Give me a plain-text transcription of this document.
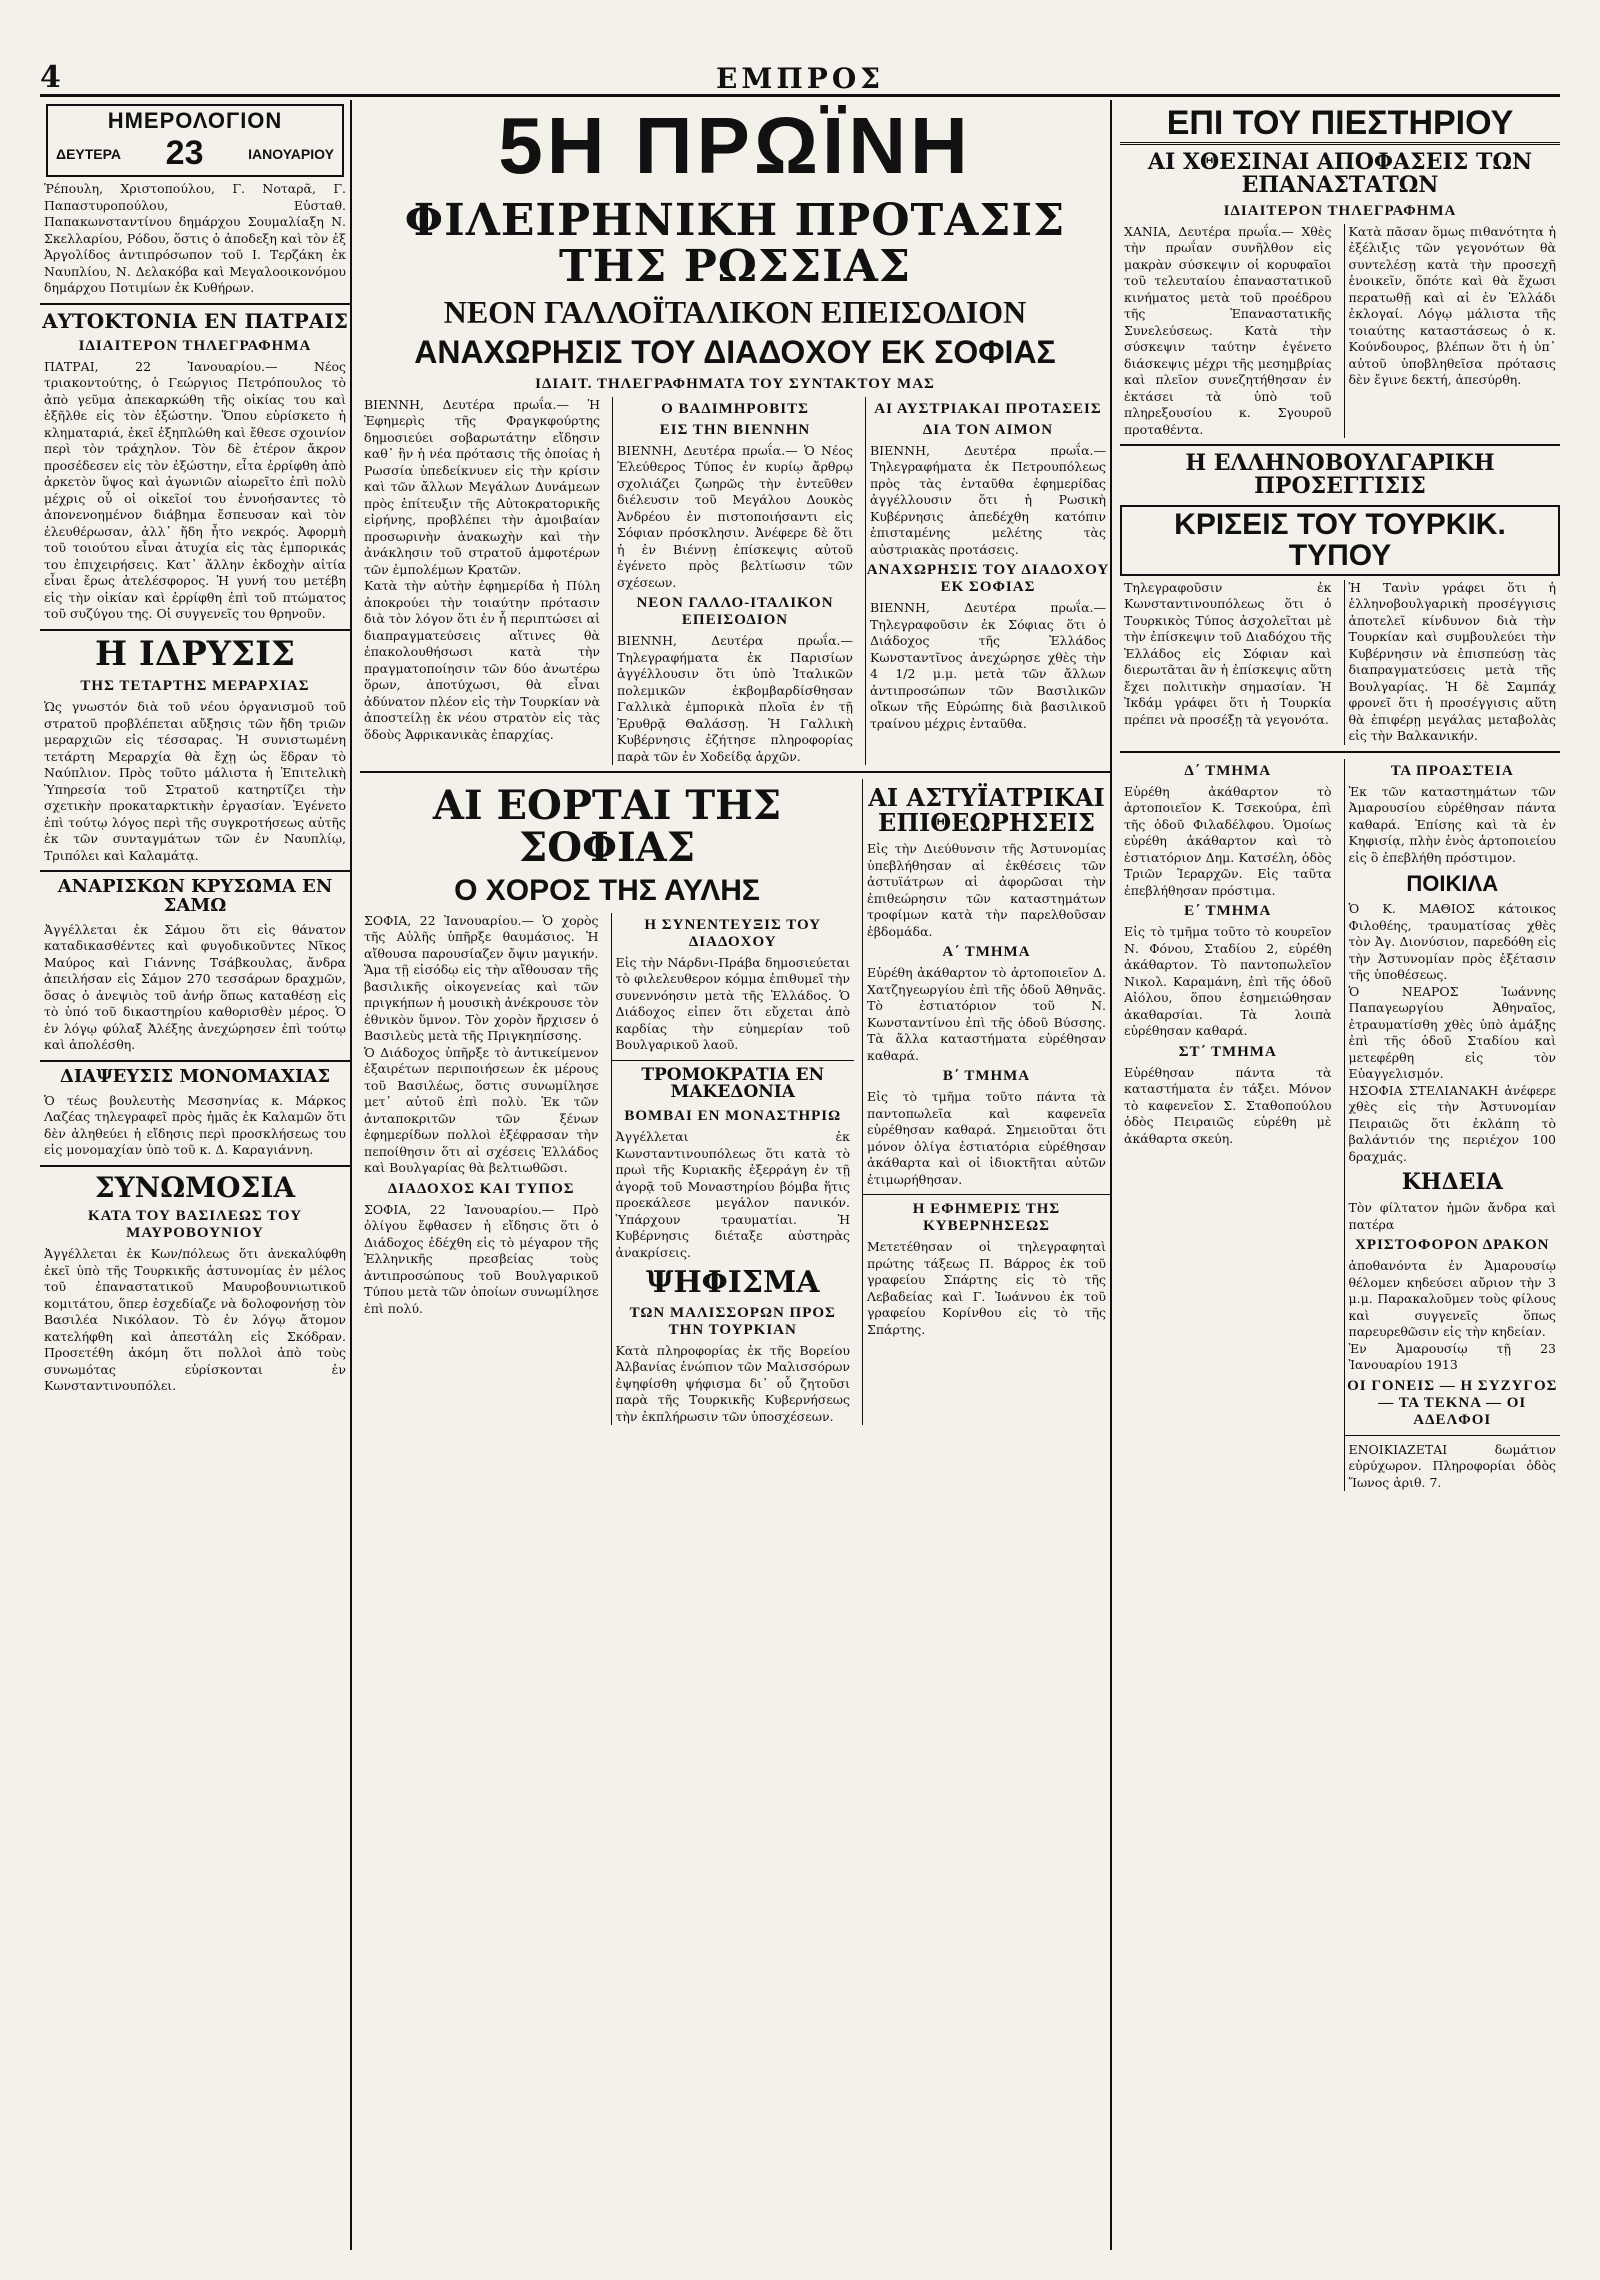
4	ΕΜΠΡΟΣ
ΗΜΕΡΟΛΟΓΙΟΝ
ΔΕΥΤΕΡΑ 23	ΙΑΝΟΥΑΡΙΟΥ

Ῥέπουλη, Χριστοπούλου, Γ. Νοταρᾶ, Γ. Παπαστυροπούλου, Εὐσταθ. Παπακωνσταντίνου δημάρχου Σουμαλίαξη Ν. Σκελλαρίου, Ρόδου, ὅστις ὁ ἀποδεξη καὶ τὸν ἐξ Ἀργολίδος ἀντιπρόσωπον τοῦ Ι. Τερζάκη ἐκ Ναυπλίου, Ν. Δελακόβα καὶ Μεγαλοοικονόμου δημάρχου Ποτιμίων ἐκ Κυθήρων.

ΑΥΤΟΚΤΟΝΙΑ ΕΝ ΠΑΤΡΑΙΣ
ΙΔΙΑΙΤΕΡΟΝ ΤΗΛΕΓΡΑΦΗΜΑ

ΠΑΤΡΑΙ, 22 Ἰανουαρίου.— Νέος τριακοντούτης, ὁ Γεώργιος Πετρόπουλος τὸ ἀπὸ γεῦμα ἀπεκαρκώθη τῆς οἰκίας του καὶ ἐξῆλθε εἰς τὸν ἐξώστην. Ὅπου εὑρίσκετο ἡ κληματαριά, ἐκεῖ ἐξηπλώθη καὶ ἔθεσε σχοινίον περὶ τὸν τράχηλον. Τὸν δὲ ἑτέρον ἄκρον προσέδεσεν εἰς τὸν ἐξώστην, εἶτα ἐρρίφθη ἀπὸ ἀρκετὸν ὕψος καὶ ἀγωνιῶν αἰωρεῖτο ἐπὶ πολὺ μέχρις οὗ οἱ οἰκεῖοί του ἐννοήσαντες τὸ ἀπονενοημένον διάβημα ἔσπευσαν καὶ τὸν ἐλευθέρωσαν, ἀλλ᾽ ἤδη ἦτο νεκρός. Ἀφορμὴ τοῦ τοιούτου εἶναι ἀτυχία εἰς τὰς ἐμπορικάς του ἐπιχειρήσεις. Κατ᾽ ἄλλην ἐκδοχὴν αἰτία εἶναι ἔρως ἀτελέσφορος. Ἡ γυνή του μετέβη εἰς τὴν οἰκίαν καὶ ἐρρίφθη ἐπὶ τοῦ πτώματος τοῦ συζύγου της. Οἱ συγγενεῖς του θρηνοῦν.

Η ΙΔΡΥΣΙΣ
ΤΗΣ ΤΕΤΑΡΤΗΣ ΜΕΡΑΡΧΙΑΣ

Ὡς γνωστόν διὰ τοῦ νέου ὀργανισμοῦ τοῦ στρατοῦ προβλέπεται αὔξησις τῶν ἤδη τριῶν μεραρχιῶν εἰς τέσσαρας. Ἡ συνιστωμένη τετάρτη Μεραρχία θὰ ἔχῃ ὡς ἕδραν τὸ Ναύπλιον. Πρὸς τοῦτο μάλιστα ἡ Ἐπιτελικὴ Ὑπηρεσία τοῦ Στρατοῦ κατηρτίζει τὴν σχετικὴν προκαταρκτικὴν ἐργασίαν. Ἐγένετο ἐπὶ τούτῳ λόγος περὶ τῆς συγκροτήσεως αὐτῆς ἐκ τῶν συνταγμάτων τῶν ἐν Ναυπλίῳ, Τριπόλει καὶ Καλαμάτᾳ.

ΑΝΑΡΙΣΚΩΝ ΚΡΥΣΩΜΑ ΕΝ ΣΑΜΩ

Ἀγγέλλεται ἐκ Σάμου ὅτι εἰς θάνατον καταδικασθέντες καὶ φυγοδικοῦντες Νῖκος Μαύρος καὶ Γιάννης Τσάβκουλας, ἄνδρα ἀπειλήσαν εἰς Σάμον 270 τεσσάρων δραχμῶν, ὅσας ὁ ἀνεψιὸς τοῦ ἀνήρ ὅπως καταθέσῃ εἰς τὸ ὑπό τοῦ δικαστηρίου καθορισθὲν μέρος. Ὁ ἐν λόγῳ φύλαξ Ἀλέξης ἀνεχώρησεν ἐπὶ τούτῳ καὶ ἀπολέσθη.

ΔΙΑΨΕΥΣΙΣ ΜΟΝΟΜΑΧΙΑΣ

Ὁ τέως βουλευτὴς Μεσσηνίας κ. Μάρκος Λαζέας τηλεγραφεῖ πρὸς ἡμᾶς ἐκ Καλαμῶν ὅτι δὲν ἀληθεύει ἡ εἴδησις περὶ προσκλήσεως του εἰς μονομαχίαν ὑπὸ τοῦ κ. Δ. Καραγιάννη.

ΣΥΝΩΜΟΣΙΑ
ΚΑΤΑ ΤΟΥ ΒΑΣΙΛΕΩΣ ΤΟΥ ΜΑΥΡΟΒΟΥΝΙΟΥ

Ἀγγέλλεται ἐκ Κων/πόλεως ὅτι ἀνεκαλύφθη ἐκεῖ ὑπὸ τῆς Τουρκικῆς ἀστυνομίας ἐν μέλος τοῦ ἐπαναστατικοῦ Μαυροβουνιωτικοῦ κομιτάτου, ὅπερ ἐσχεδίαζε νὰ δολοφονήσῃ τὸν Βασιλέα Νικόλαον. Τὸ ἐν λόγῳ ἄτομον κατελήφθη καὶ ἀπεστάλη εἰς Σκόδραν. Προσετέθη ἀκόμη ὅτι πολλοὶ ἀπὸ τοὺς συνωμότας εὑρίσκονται ἐν Κωνσταντινουπόλει.

5Η ΠΡΩΪΝΗ
ΦΙΛΕΙΡΗΝΙΚΗ ΠΡΟΤΑΣΙΣ ΤΗΣ ΡΩΣΣΙΑΣ
ΝΕΟΝ ΓΑΛΛΟΪΤΑΛΙΚΟΝ ΕΠΕΙΣΟΔΙΟΝ
ΑΝΑΧΩΡΗΣΙΣ ΤΟΥ ΔΙΑΔΟΧΟΥ ΕΚ ΣΟΦΙΑΣ
ΙΔΙΑΙΤ. ΤΗΛΕΓΡΑΦΗΜΑΤΑ ΤΟΥ ΣΥΝΤΑΚΤΟΥ ΜΑΣ

ΒΙΕΝΝΗ, Δευτέρα πρωΐα.— Ἡ Ἐφημερὶς τῆς Φραγκφούρτης δημοσιεύει σοβαρωτάτην εἴδησιν καθ᾽ ἣν ἡ νέα πρότασις τῆς ὁποίας ἡ Ρωσσία ὑπεδείκνυεν εἰς τὴν κρίσιν καὶ τῶν ἄλλων Μεγάλων Δυνάμεων πρὸς ἐπίτευξιν τῆς Αὐτοκρατορικῆς εἰρήνης, προβλέπει τὴν ἀμοιβαίαν προσωρινὴν ἀνακωχὴν καὶ τὴν ἀνάκλησιν τοῦ στρατοῦ ἀμφοτέρων τῶν ἐμπολέμων Κρατῶν.

Κατὰ τὴν αὐτὴν ἐφημερίδα ἡ Πύλη ἀποκρούει τὴν τοιαύτην πρότασιν διὰ τὸν λόγον ὅτι ἐν ἧ περιπτώσει αἱ διαπραγματεύσεις αἵτινες θὰ ἐπακολουθήσωσι κατὰ τὴν πραγματοποίησιν τῶν δύο ἀνωτέρω ὅρων, ἀποτύχωσι, θὰ εἶναι ἀδύνατον πλέον εἰς τὴν Τουρκίαν νὰ ἀποστείλῃ ἐκ νέου στρατὸν εἰς τὰς ὅδοὺς Ἀφρικανικὰς ἐπαρχίας.

Ο ΒΑΔΙΜΗΡΟΒΙΤΣ
ΕΙΣ ΤΗΝ ΒΙΕΝΝΗΝ

ΒΙΕΝΝΗ, Δευτέρα πρωΐα.— Ὁ Νέος Ἐλεύθερος Τύπος ἐν κυρίῳ ἄρθρῳ σχολιάζει ζωηρῶς τὴν ἐντεῦθεν διέλευσιν τοῦ Μεγάλου Δουκὸς Ἀνδρέου ἐν πιστοποιήσαντι εἰς Σόφιαν πρόσκλησιν. Ἀνέφερε δὲ ὅτι ἡ ἐν Βιέννῃ ἐπίσκεψις αὐτοῦ ἐγένετο πρὸς βελτίωσιν τῶν σχέσεων.

ΝΕΟΝ ΓΑΛΛΟ-ΙΤΑΛΙΚΟΝ ΕΠΕΙΣΟΔΙΟΝ

ΒΙΕΝΝΗ, Δευτέρα πρωΐα.— Τηλεγραφήματα ἐκ Παρισίων ἀγγέλλουσιν ὅτι ὑπὸ Ἰταλικῶν πολεμικῶν ἐκβομβαρδίσθησαν Γαλλικὰ ἐμπορικὰ πλοῖα ἐν τῇ Ἐρυθρᾷ Θαλάσσῃ. Ἡ Γαλλικὴ Κυβέρνησις ἐζήτησε πληροφορίας παρὰ τῶν ἐν Χοδείδᾳ ἀρχῶν.

ΑΙ ΑΥΣΤΡΙΑΚΑΙ ΠΡΟΤΑΣΕΙΣ
ΔΙΑ ΤΟΝ ΑΙΜΟΝ

ΒΙΕΝΝΗ, Δευτέρα πρωΐα.— Τηλεγραφήματα ἐκ Πετρουπόλεως πρὸς τὰς ἐνταῦθα ἐφημερίδας ἀγγέλλουσιν ὅτι ἡ Ρωσικὴ Κυβέρνησις ἀπεδέχθη κατόπιν ἐπισταμένης μελέτης τὰς αὐστριακὰς προτάσεις.

ΑΝΑΧΩΡΗΣΙΣ ΤΟΥ ΔΙΑΔΟΧΟΥ ΕΚ ΣΟΦΙΑΣ

ΒΙΕΝΝΗ, Δευτέρα πρωΐα.— Τηλεγραφοῦσιν ἐκ Σόφιας ὅτι ὁ Διάδοχος τῆς Ἑλλάδος Κωνσταντῖνος ἀνεχώρησε χθὲς τὴν 4 1/2 μ.μ. μετὰ τῶν ἄλλων ἀντιπροσώπων τῶν Βασιλικῶν οἴκων τῆς Εὐρώπης διὰ βασιλικοῦ τραίνου μέχρις ἐνταῦθα.

ΑΙ ΕΟΡΤΑΙ ΤΗΣ ΣΟΦΙΑΣ
Ο ΧΟΡΟΣ ΤΗΣ ΑΥΛΗΣ

ΣΟΦΙΑ, 22 Ἰανουαρίου.— Ὁ χορὸς τῆς Αὐλῆς ὑπῆρξε θαυμάσιος. Ἡ αἴθουσα παρουσίαζεν ὄψιν μαγικήν. Ἅμα τῇ εἰσόδῳ εἰς τὴν αἴθουσαν τῆς βασιλικῆς οἰκογενείας καὶ τῶν πριγκήπων ἡ μουσικὴ ἀνέκρουσε τὸν ἐθνικὸν ὕμνον. Τὸν χορὸν ἤρχισεν ὁ Βασιλεὺς μετὰ τῆς Πριγκηπίσσης.

Ὁ Διάδοχος ὑπῆρξε τὸ ἀντικείμενον ἐξαιρέτων περιποιήσεων ἐκ μέρους τοῦ Βασιλέως, ὅστις συνωμίλησε μετ᾽ αὐτοῦ ἐπὶ πολὺ. Ἐκ τῶν ἀνταποκριτῶν τῶν ξένων ἐφημερίδων πολλοὶ ἐξέφρασαν τὴν πεποίθησιν ὅτι αἱ σχέσεις Ἑλλάδος καὶ Βουλγαρίας θὰ βελτιωθῶσι.

ΔΙΑΔΟΧΟΣ ΚΑΙ ΤΥΠΟΣ

ΣΟΦΙΑ, 22 Ἰανουαρίου.— Πρὸ ὀλίγου ἔφθασεν ἡ εἴδησις ὅτι ὁ Διάδοχος ἐδέχθη εἰς τὸ μέγαρον τῆς Ἑλληνικῆς πρεσβείας τοὺς ἀντιπροσώπους τοῦ Βουλγαρικοῦ Τύπου μετὰ τῶν ὁποίων συνωμίλησε ἐπὶ πολύ.

Η ΣΥΝΕΝΤΕΥΞΙΣ ΤΟΥ ΔΙΑΔΟΧΟΥ

Εἰς τὴν Νάρδνι-Πράβα δημοσιεύεται τὸ φιλελευθερον κόμμα ἐπιθυμεῖ τὴν συνεννόησιν μετὰ τῆς Ἑλλάδος. Ὁ Διάδοχος εἰπεν ὅτι εὔχεται ἀπὸ καρδίας τὴν εὐημερίαν τοῦ Βουλγαρικοῦ λαοῦ.

ΤΡΟΜΟΚΡΑΤΙΑ ΕΝ ΜΑΚΕΔΟΝΙΑ
ΒΟΜΒΑΙ ΕΝ ΜΟΝΑΣΤΗΡΙΩ

Ἀγγέλλεται ἐκ Κωνσταντινουπόλεως ὅτι κατὰ τὸ πρωὶ τῆς Κυριακῆς ἐξερράγη ἐν τῇ ἀγορᾷ τοῦ Μοναστηρίου βόμβα ἥτις προεκάλεσε μεγάλον πανικόν. Ὑπάρχουν τραυματίαι. Ἡ Κυβέρνησις διέταξε αὐστηρὰς ἀνακρίσεις.

ΨΗΦΙΣΜΑ
ΤΩΝ ΜΑΛΙΣΣΟΡΩΝ ΠΡΟΣ ΤΗΝ ΤΟΥΡΚΙΑΝ

Κατὰ πληροφορίας ἐκ τῆς Βορείου Ἀλβανίας ἐνώπιον τῶν Μαλισσόρων ἐψηφίσθη ψήφισμα δι᾽ οὗ ζητοῦσι παρὰ τῆς Τουρκικῆς Κυβερνήσεως τὴν ἐκπλήρωσιν τῶν ὑποσχέσεων.

ΑΙ ΑΣΤΥΪΑΤΡΙΚΑΙ ΕΠΙΘΕΩΡΗΣΕΙΣ

Εἰς τὴν Διεύθυνσιν τῆς Ἀστυνομίας ὑπεβλήθησαν αἱ ἐκθέσεις τῶν ἀστυϊάτρων αἱ ἀφορῶσαι τὴν ἐπιθεώρησιν τῶν καταστημάτων τροφίμων κατὰ τὴν παρελθοῦσαν ἑβδομάδα.

Α΄ ΤΜΗΜΑ

Εὑρέθη ἀκάθαρτον τὸ ἀρτοποιεῖον Δ. Χατζηγεωργίου ἐπὶ τῆς ὁδοῦ Ἀθηνᾶς. Τὸ ἐστιατόριον τοῦ Ν. Κωνσταντίνου ἐπὶ τῆς ὁδοῦ Βύσσης. Τὰ ἄλλα καταστήματα εὑρέθησαν καθαρά.

Β΄ ΤΜΗΜΑ

Εἰς τὸ τμῆμα τοῦτο πάντα τὰ παντοπωλεῖα καὶ καφενεῖα εὑρέθησαν καθαρά. Σημειοῦται ὅτι μόνον ὀλίγα ἐστιατόρια εὑρέθησαν ἀκάθαρτα καὶ οἱ ἰδιοκτῆται αὐτῶν ἐτιμωρήθησαν.

Η ΕΦΗΜΕΡΙΣ ΤΗΣ ΚΥΒΕΡΝΗΣΕΩΣ

Μετετέθησαν οἱ τηλεγραφηταὶ πρώτης τάξεως Π. Βάρρος ἐκ τοῦ γραφείου Σπάρτης εἰς τὸ τῆς Λεβαδείας καὶ Γ. Ἰωάννου ἐκ τοῦ γραφείου Κορίνθου εἰς τὸ τῆς Σπάρτης.

ΕΠΙ ΤΟΥ ΠΙΕΣΤΗΡΙΟΥ
ΑΙ ΧΘΕΣΙΝΑΙ ΑΠΟΦΑΣΕΙΣ ΤΩΝ ΕΠΑΝΑΣΤΑΤΩΝ
ΙΔΙΑΙΤΕΡΟΝ ΤΗΛΕΓΡΑΦΗΜΑ

ΧΑΝΙΑ, Δευτέρα πρωΐα.— Χθὲς τὴν πρωΐαν συνῆλθον εἰς μακρὰν σύσκεψιν οἱ κορυφαῖοι τοῦ τελευταίου ἐπαναστατικοῦ κινήματος μετὰ τοῦ προέδρου τῆς Ἐπαναστατικῆς Συνελεύσεως. Κατὰ τὴν σύσκεψιν ταύτην ἐγένετο διάσκεψις μέχρι τῆς μεσημβρίας καὶ πλεῖον συνεζητήθησαν ἐν ἐκτάσει τὰ ὑπὸ τοῦ πληρεξουσίου κ. Σγουροῦ προταθέντα.

Κατὰ πᾶσαν ὅμως πιθανότητα ἡ ἐξέλιξις τῶν γεγονότων θὰ συντελέσῃ κατὰ τὴν προσεχῆ ἑνοικεῖν, ὅπότε καὶ θὰ ἔχωσι περατωθῇ καὶ αἱ ἐν Ἑλλάδι ἐκλογαί. Λόγῳ μάλιστα τῆς τοιαύτης καταστάσεως ὁ κ. Κούνδουρος, βλέπων ὅτι ἡ ὑπ᾽ αὐτοῦ ὑποβληθεῖσα πρότασις δὲν ἔγινε δεκτή, ἀπεσύρθη.

Η ΕΛΛΗΝΟΒΟΥΛΓΑΡΙΚΗ ΠΡΟΣΕΓΓΙΣΙΣ
ΚΡΙΣΕΙΣ ΤΟΥ ΤΟΥΡΚΙΚ. ΤΥΠΟΥ

Τηλεγραφοῦσιν ἐκ Κωνσταντινουπόλεως ὅτι ὁ Τουρκικὸς Τύπος ἀσχολεῖται μὲ τὴν ἐπίσκεψιν τοῦ Διαδόχου τῆς Ἑλλάδος εἰς Σόφιαν καὶ διερωτᾶται ἂν ἡ ἐπίσκεψις αὕτη ἔχει πολιτικὴν σημασίαν. Ἡ Ἰκδάμ γράφει ὅτι ἡ Τουρκία πρέπει νὰ προσέξῃ τὰ γεγονότα.

Ἡ Τανὶν γράφει ὅτι ἡ ἑλληνοβουλγαρικὴ προσέγγισις ἀποτελεῖ κίνδυνον διὰ τὴν Τουρκίαν καὶ συμβουλεύει τὴν Κυβέρνησιν νὰ ἐπισπεύσῃ τὰς διαπραγματεύσεις μετὰ τῆς Βουλγαρίας. Ἡ δὲ Σαμπάχ φρονεῖ ὅτι ἡ προσέγγισις αὕτη θὰ ἐπιφέρῃ μεγάλας μεταβολὰς εἰς τὴν Βαλκανικήν.

Δ΄ ΤΜΗΜΑ

Εὑρέθη ἀκάθαρτον τὸ ἀρτοποιεῖον Κ. Τσεκούρα, ἐπὶ τῆς ὁδοῦ Φιλαδέλφου. Ὁμοίως εὑρέθη ἀκάθαρτον καὶ τὸ ἐστιατόριον Δημ. Κατσέλη, ὁδὸς Τριῶν Ἱεραρχῶν. Εἰς ταῦτα ἐπεβλήθησαν πρόστιμα.

Ε΄ ΤΜΗΜΑ

Εἰς τὸ τμῆμα τοῦτο τὸ κουρεῖον Ν. Φόνου, Σταδίου 2, εὑρέθη ἀκάθαρτον. Τὸ παντοπωλεῖον Νικολ. Καραμάνη, ἐπὶ τῆς ὁδοῦ Αἰόλου, ὅπου ἐσημειώθησαν ἀκαθαρσίαι. Τὰ λοιπὰ εὑρέθησαν καθαρά.

ΣΤ΄ ΤΜΗΜΑ

Εὑρέθησαν πάντα τὰ καταστήματα ἐν τάξει. Μόνον τὸ καφενεῖον Σ. Σταθοπούλου ὁδὸς Πειραιῶς εὑρέθη μὲ ἀκάθαρτα σκεύη.

ΤΑ ΠΡΟΑΣΤΕΙΑ

Ἐκ τῶν καταστημάτων τῶν Ἀμαρουσίου εὑρέθησαν πάντα καθαρά. Ἐπίσης καὶ τὰ ἐν Κηφισίᾳ, πλὴν ἑνὸς ἀρτοποιείου εἰς ὃ ἐπεβλήθη πρόστιμον.

ΠΟΙΚΙΛΑ

Ὁ Κ. ΜΑΘΙΟΣ κάτοικος Φιλοθέης, τραυματίσας χθὲς τὸν Ἀγ. Διονύσιον, παρεδόθη εἰς τὴν Ἀστυνομίαν πρὸς ἐξέτασιν τῆς ὑποθέσεως.

Ὁ ΝΕΑΡΟΣ Ἰωάννης Παπαγεωργίου Ἀθηναῖος, ἐτραυματίσθη χθὲς ὑπὸ ἀμάξης ἐπὶ τῆς ὁδοῦ Σταδίου καὶ μετεφέρθη εἰς τὸν Εὐαγγελισμόν.

ΗΣΟΦΙΑ ΣΤΕΛΙΑΝΑΚΗ ἀνέφερε χθὲς εἰς τὴν Ἀστυνομίαν Πειραιῶς ὅτι ἐκλάπη τὸ βαλάντιόν της περιέχον 100 δραχμάς.

ΚΗΔΕΙΑ

Τὸν φίλτατον ἡμῶν ἄνδρα καὶ πατέρα

ΧΡΙΣΤΟΦΟΡΟΝ ΔΡΑΚΟΝ

ἀποθανόντα ἐν Ἀμαρουσίῳ θέλομεν κηδεύσει αὔριον τὴν 3 μ.μ. Παρακαλοῦμεν τοὺς φίλους καὶ συγγενεῖς ὅπως παρευρεθῶσιν εἰς τὴν κηδείαν.

Ἐν Ἀμαρουσίῳ τῇ 23 Ἰανουαρίου 1913

ΟΙ ΓΟΝΕΙΣ — Η ΣΥΖΥΓΟΣ — ΤΑ ΤΕΚΝΑ — ΟΙ ΑΔΕΛΦΟΙ

ΕΝΟΙΚΙΑΖΕΤΑΙ δωμάτιον εὐρύχωρον. Πληροφορίαι ὁδὸς Ἴωνος ἀριθ. 7.
